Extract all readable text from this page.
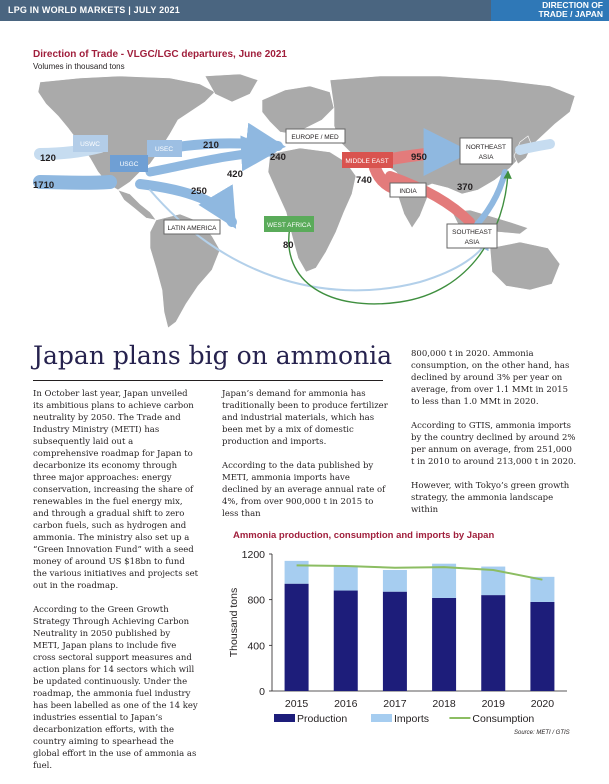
LPG IN WORLD MARKETS | JULY 2021	DIRECTION OF
TRADE / JAPAN
Direction of Trade - VLGC/LGC departures, June 2021
Volumes in thousand tons
USWC
USEC
USGC
EUROPE / MED
MIDDLE EAST
INDIA
NORTHEAST
ASIA
SOUTHEAST
ASIA
LATIN AMERICA	WEST AFRICA
120
1710
210
240
420
250
950
740
370
80
Japan plans big on ammonia

In October last year, Japan unveiled its ambitious plans to achieve carbon neutrality by 2050. The Trade and Industry Ministry (METI) has subsequently laid out a comprehensive roadmap for Japan to decarbonize its economy through three major approaches: energy conservation, increasing the share of renewables in the fuel energy mix, and through a gradual shift to zero carbon fuels, such as hydrogen and ammonia. The ministry also set up a “Green Innovation Fund” with a seed money of around US $18bn to fund the various initiatives and projects set out in the roadmap.

According to the Green Growth Strategy Through Achieving Carbon Neutrality in 2050 published by METI, Japan plans to include five cross sectoral support measures and action plans for 14 sectors which will be updated continuously. Under the roadmap, the ammonia fuel industry has been labelled as one of the 14 key industries essential to Japan’s decarbonization efforts, with the country aiming to spearhead the global effort in the use of ammonia as fuel.

Japan’s demand for ammonia has traditionally been to produce fertilizer and industrial materials, which has been met by a mix of domestic production and imports.

According to the data published by METI, ammonia imports have declined by an average annual rate of 4%, from over 900,000 t in 2015 to less than

800,000 t in 2020. Ammonia consumption, on the other hand, has declined by around 3% per year on average, from over 1.1 MMt in 2015 to less than 1.0 MMt in 2020.

According to GTIS, ammonia imports by the country declined by around 2% per annum on average, from 251,000 t in 2010 to around 213,000 t in 2020.

However, with Tokyo’s green growth strategy, the ammonia landscape within

Ammonia production, consumption and imports by Japan
0
400
800
1200
Thousand tons
2015 2016 2017 2018 2019 2020
Production	Imports	Consumption
Source: METI / GTIS
